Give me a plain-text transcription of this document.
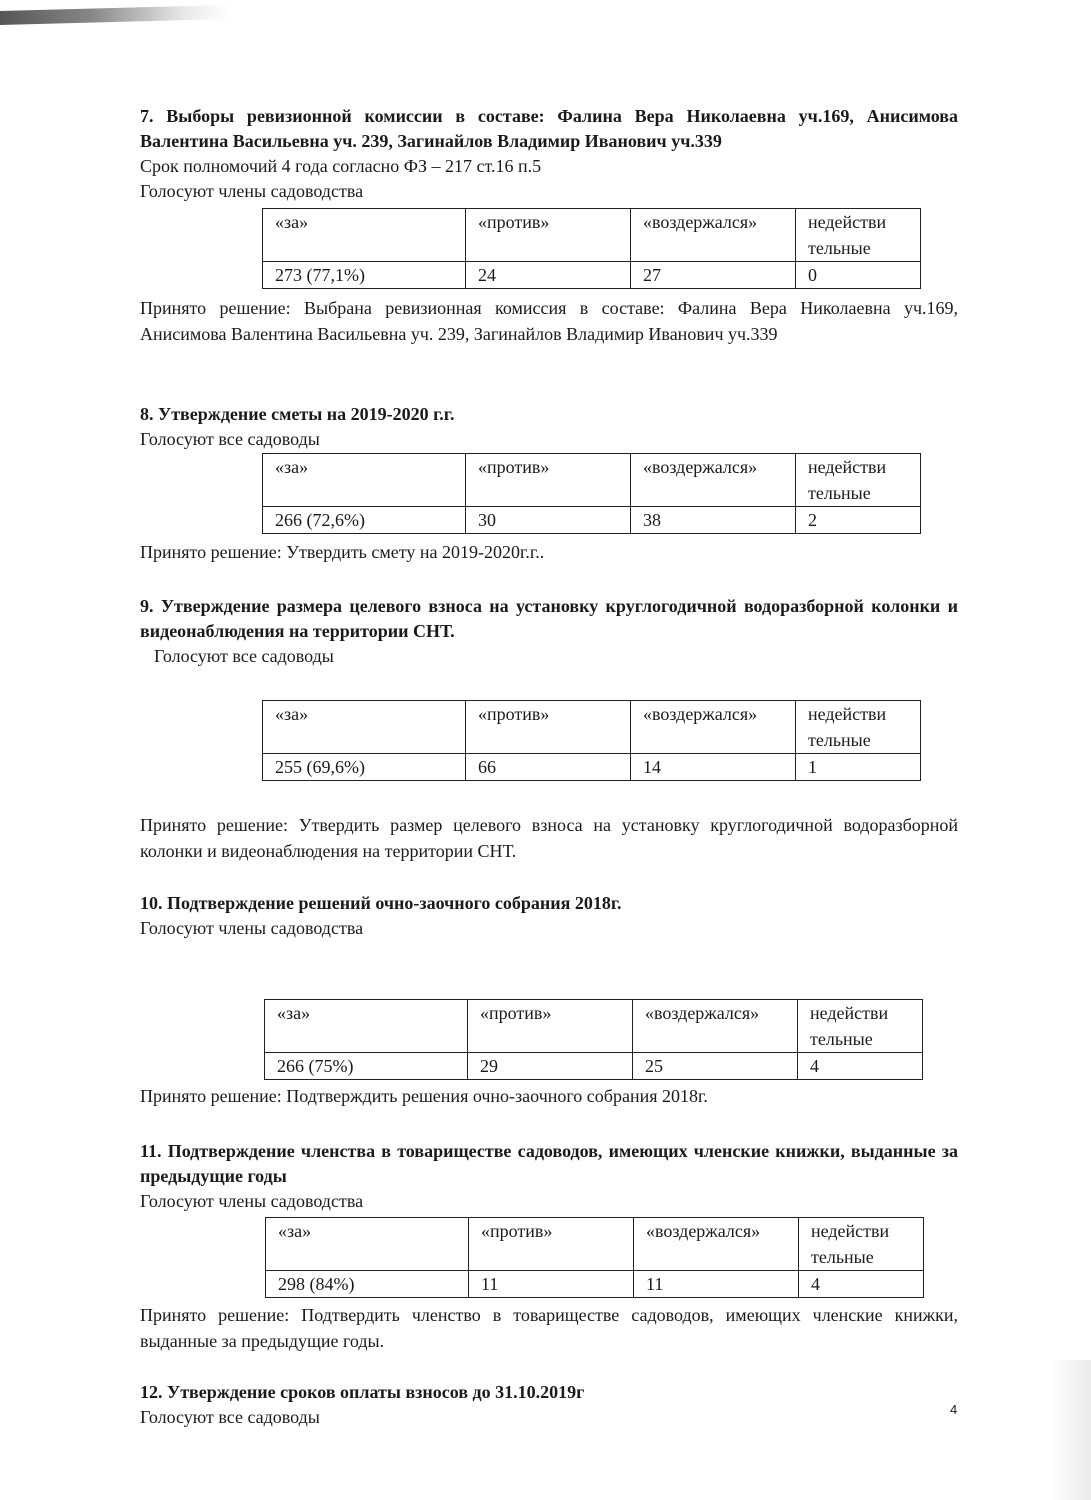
7. Выборы ревизионной комиссии в составе: Фалина Вера Николаевна уч.169, Анисимова Валентина Васильевна уч. 239, Загинайлов Владимир Иванович уч.339

Срок полномочий 4 года согласно ФЗ – 217 ст.16 п.5

Голосуют члены садоводства

«за»	«против»	«воздержался»	недействи тельные
273 (77,1%)	24	27	0

Принято решение: Выбрана ревизионная комиссия в составе: Фалина Вера Николаевна уч.169, Анисимова Валентина Васильевна уч. 239, Загинайлов Владимир Иванович уч.339

8. Утверждение сметы на 2019-2020 г.г.

Голосуют все садоводы

«за»	«против»	«воздержался»	недействи тельные
266 (72,6%)	30	38	2

Принято решение: Утвердить смету на 2019-2020г.г..

9. Утверждение размера целевого взноса на установку круглогодичной водоразборной колонки и видеонаблюдения на территории СНТ.

Голосуют все садоводы

«за»	«против»	«воздержался»	недействи тельные
255 (69,6%)	66	14	1

Принято решение: Утвердить размер целевого взноса на установку круглогодичной водоразборной колонки и видеонаблюдения на территории СНТ.

10. Подтверждение решений очно-заочного собрания 2018г.

Голосуют члены садоводства

«за»	«против»	«воздержался»	недействи тельные
266 (75%)	29	25	4

Принято решение: Подтверждить решения очно-заочного собрания 2018г.

11. Подтверждение членства в товариществе садоводов, имеющих членские книжки, выданные за предыдущие годы

Голосуют члены садоводства

«за»	«против»	«воздержался»	недействи тельные
298 (84%)	11	11	4

Принято решение: Подтвердить членство в товариществе садоводов, имеющих членские книжки, выданные за предыдущие годы.

12. Утверждение сроков оплаты взносов до 31.10.2019г

Голосуют все садоводы	4
